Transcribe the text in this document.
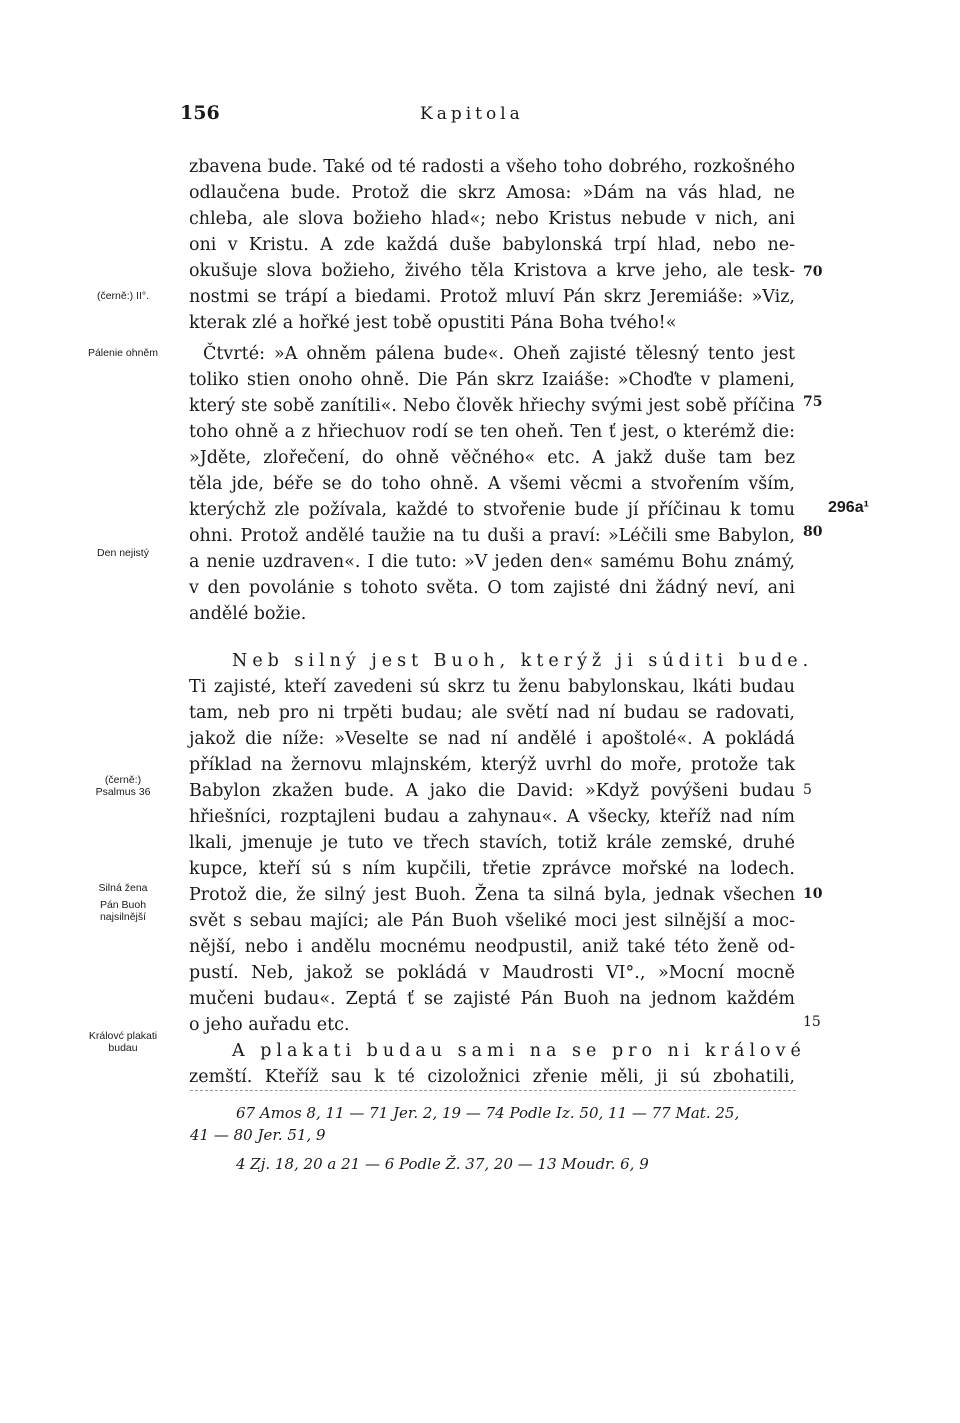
156	Kapitola
zbavena bude. Také od té radosti a všeho toho dobrého, rozkošného
odlaučena bude. Protož die skrz Amosa: »Dám na vás hlad, ne
chleba, ale slova božieho hlad«; nebo Kristus nebude v nich, ani
oni v Kristu. A zde každá duše babylonská trpí hlad, nebo ne-
okušuje slova božieho, živého těla Kristova a krve jeho, ale tesk-
nostmi se trápí a biedami. Protož mluví Pán skrz Jeremiáše: »Viz,
kterak zlé a hořké jest tobě opustiti Pána Boha tvého!«
Čtvrté: »A ohněm pálena bude«. Oheň zajisté tělesný tento jest
toliko stien onoho ohně. Die Pán skrz Izaiáše: »Choďte v plameni,
který ste sobě zanítili«. Nebo člověk hřiechy svými jest sobě příčina
toho ohně a z hřiechuov rodí se ten oheň. Ten ť jest, o kterémž die:
»Jděte, zlořečení, do ohně věčného« etc. A jakž duše tam bez
těla jde, béře se do toho ohně. A všemi věcmi a stvořením vším,
kterýchž zle požívala, každé to stvořenie bude jí příčinau k tomu
ohni. Protož andělé taužie na tu duši a praví: »Léčili sme Babylon,
a nenie uzdraven«. I die tuto: »V jeden den« samému Bohu známý,
v den povolánie s tohoto světa. O tom zajisté dni žádný neví, ani
andělé božie.
Neb silný jest Buoh, kterýž ji súditi bude.
Ti zajisté, kteří zavedeni sú skrz tu ženu babylonskau, lkáti budau
tam, neb pro ni trpěti budau; ale světí nad ní budau se radovati,
jakož die níže: »Veselte se nad ní andělé i apoštolé«. A pokládá
příklad na žernovu mlajnském, kterýž uvrhl do moře, protože tak
Babylon zkažen bude. A jako die David: »Když povýšeni budau
hřiešníci, rozptajleni budau a zahynau«. A všecky, kteříž nad ním
lkali, jmenuje je tuto ve třech stavích, totiž krále zemské, druhé
kupce, kteří sú s ním kupčili, třetie zprávce mořské na lodech.
Protož die, že silný jest Buoh. Žena ta silná byla, jednak všechen
svět s sebau majíci; ale Pán Buoh všeliké moci jest silnější a moc-
nější, nebo i andělu mocnému neodpustil, aniž také této ženě od-
pustí. Neb, jakož se pokládá v Maudrosti VI°., »Mocní mocně
mučeni budau«. Zeptá ť se zajisté Pán Buoh na jednom každém
o jeho auřadu etc.
A plakati budau sami na se pro ni králové
zemští. Kteříž sau k té cizoložnici zřenie měli, ji sú zbohatili,
(černě:) II°.
Pálenie ohněm
Den nejistý
(černě:)
Psalmus 36
Silná žena
Pán Buoh
najsilnější
Královć plakati
budau
70
75
80
5
10
15
296a¹
67 Amos 8, 11 — 71 Jer. 2, 19 — 74 Podle Iz. 50, 11 — 77 Mat. 25,
41 — 80 Jer. 51, 9
4 Zj. 18, 20 a 21 — 6 Podle Ž. 37, 20 — 13 Moudr. 6, 9
